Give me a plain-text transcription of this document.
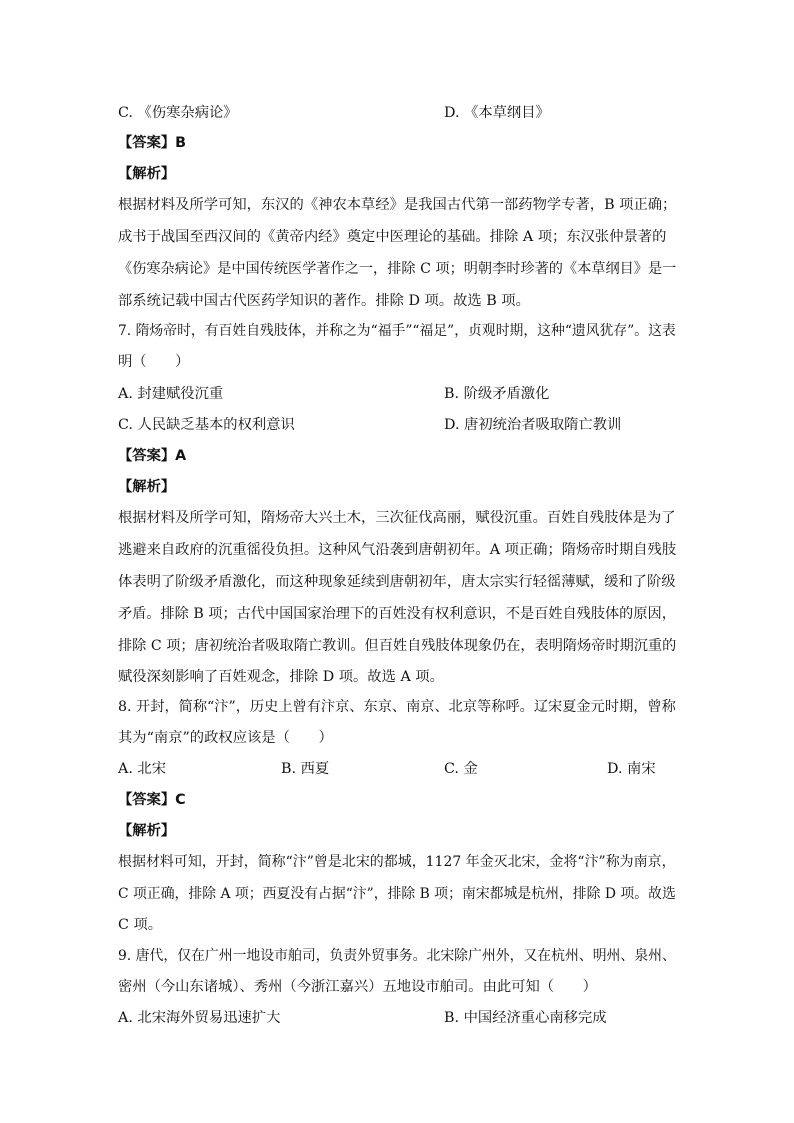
C. 《伤寒杂病论》	D. 《本草纲目》
【答案】B
【解析】
根据材料及所学可知，东汉的《神农本草经》是我国古代第一部药物学专著，B 项正确；
成书于战国至西汉间的《黄帝内经》奠定中医理论的基础。排除 A 项；东汉张仲景著的
《伤寒杂病论》是中国传统医学著作之一，排除 C 项；明朝李时珍著的《本草纲目》是一
部系统记载中国古代医药学知识的著作。排除 D 项。故选 B 项。
7. 隋炀帝时，有百姓自残肢体，并称之为“福手”“福足”，贞观时期，这种“遗风犹存”。这表
明（　　）
A. 封建赋役沉重	B. 阶级矛盾激化
C. 人民缺乏基本的权利意识	D. 唐初统治者吸取隋亡教训
【答案】A
【解析】
根据材料及所学可知，隋炀帝大兴土木，三次征伐高丽，赋役沉重。百姓自残肢体是为了
逃避来自政府的沉重徭役负担。这种风气沿袭到唐朝初年。A 项正确；隋炀帝时期自残肢
体表明了阶级矛盾激化，而这种现象延续到唐朝初年，唐太宗实行轻徭薄赋，缓和了阶级
矛盾。排除 B 项；古代中国国家治理下的百姓没有权利意识，不是百姓自残肢体的原因，
排除 C 项；唐初统治者吸取隋亡教训。但百姓自残肢体现象仍在，表明隋炀帝时期沉重的
赋役深刻影响了百姓观念，排除 D 项。故选 A 项。
8. 开封，简称“汴”，历史上曾有汴京、东京、南京、北京等称呼。辽宋夏金元时期，曾称
其为“南京”的政权应该是（　　）
A. 北宋	B. 西夏	C. 金	D. 南宋
【答案】C
【解析】
根据材料可知，开封，简称“汴”曾是北宋的都城，1127 年金灭北宋，金将“汴”称为南京，
C 项正确，排除 A 项；西夏没有占据“汴”，排除 B 项；南宋都城是杭州，排除 D 项。故选
C 项。
9. 唐代，仅在广州一地设市舶司，负责外贸事务。北宋除广州外，又在杭州、明州、泉州、
密州（今山东诸城）、秀州（今浙江嘉兴）五地设市舶司。由此可知（　　）
A. 北宋海外贸易迅速扩大	B. 中国经济重心南移完成
